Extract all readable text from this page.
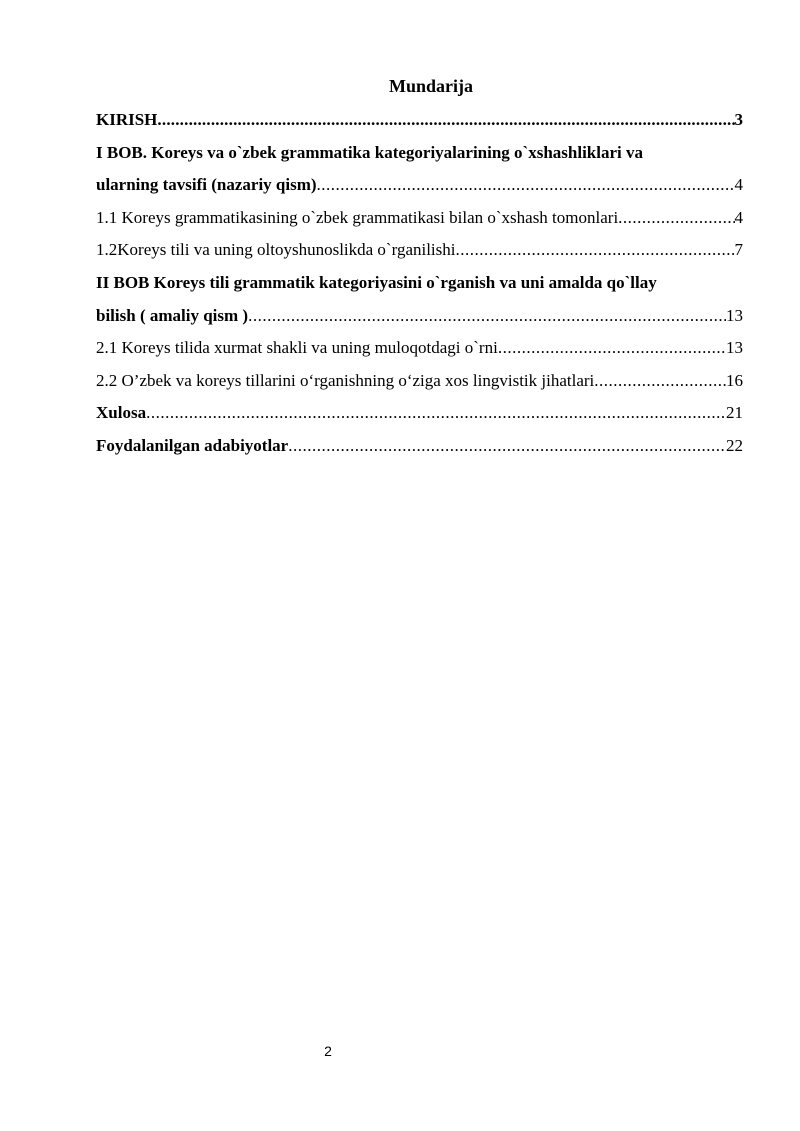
Mundarija
KIRISH .....	3
I BOB. Koreys va o`zbek grammatika kategoriyalarining o`xshashliklari va
ularning tavsifi (nazariy qism) .....	4
1.1 Koreys grammatikasining o`zbek grammatikasi bilan o`xshash tomonlari .....	4
1.2Koreys tili va uning oltoyshunoslikda o`rganilishi .....	7
II BOB Koreys tili grammatik kategoriyasini o`rganish va uni amalda qo`llay
bilish ( amaliy qism ) .....	13
2.1 Koreys tilida xurmat shakli va uning muloqotdagi o`rni .....	13
2.2 O’zbek va koreys tillarini o‘rganishning o‘ziga xos lingvistik jihatlari .....	16
Xulosa .....	21
Foydalanilgan adabiyotlar .....	22
2
